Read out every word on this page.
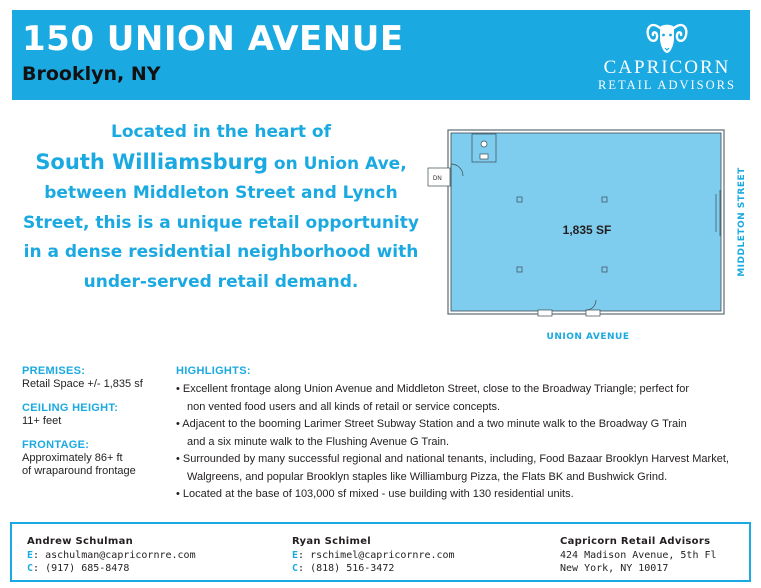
150 UNION AVENUE
Brooklyn, NY	CAPRICORN
RETAIL ADVISORS
Located in the heart of
South Williamsburg on Union Ave,
between Middleton Street and Lynch
Street, this is a unique retail opportunity
in a dense residential neighborhood with
under-served retail demand.
DN
1,835 SF
UNION AVENUE
MIDDLETON STREET
PREMISES:
Retail Space +/- 1,835 sf
CEILING HEIGHT:
11+ feet
FRONTAGE:
Approximately 86+ ft
of wraparound frontage
HIGHLIGHTS:
• Excellent frontage along Union Avenue and Middleton Street, close to the Broadway Triangle; perfect for
non vented food users and all kinds of retail or service concepts.
• Adjacent to the booming Larimer Street Subway Station and a two minute walk to the Broadway G Train
and a six minute walk to the Flushing Avenue G Train.
• Surrounded by many successful regional and national tenants, including, Food Bazaar Brooklyn Harvest Market,
Walgreens, and popular Brooklyn staples like Williamburg Pizza, the Flats BK and Bushwick Grind.
• Located at the base of 103,000 sf mixed - use building with 130 residential units.
Andrew Schulman
E: aschulman@capricornre.com
C: (917) 685-8478
Ryan Schimel
E: rschimel@capricornre.com
C: (818) 516-3472
Capricorn Retail Advisors
424 Madison Avenue, 5th Fl
New York, NY 10017
